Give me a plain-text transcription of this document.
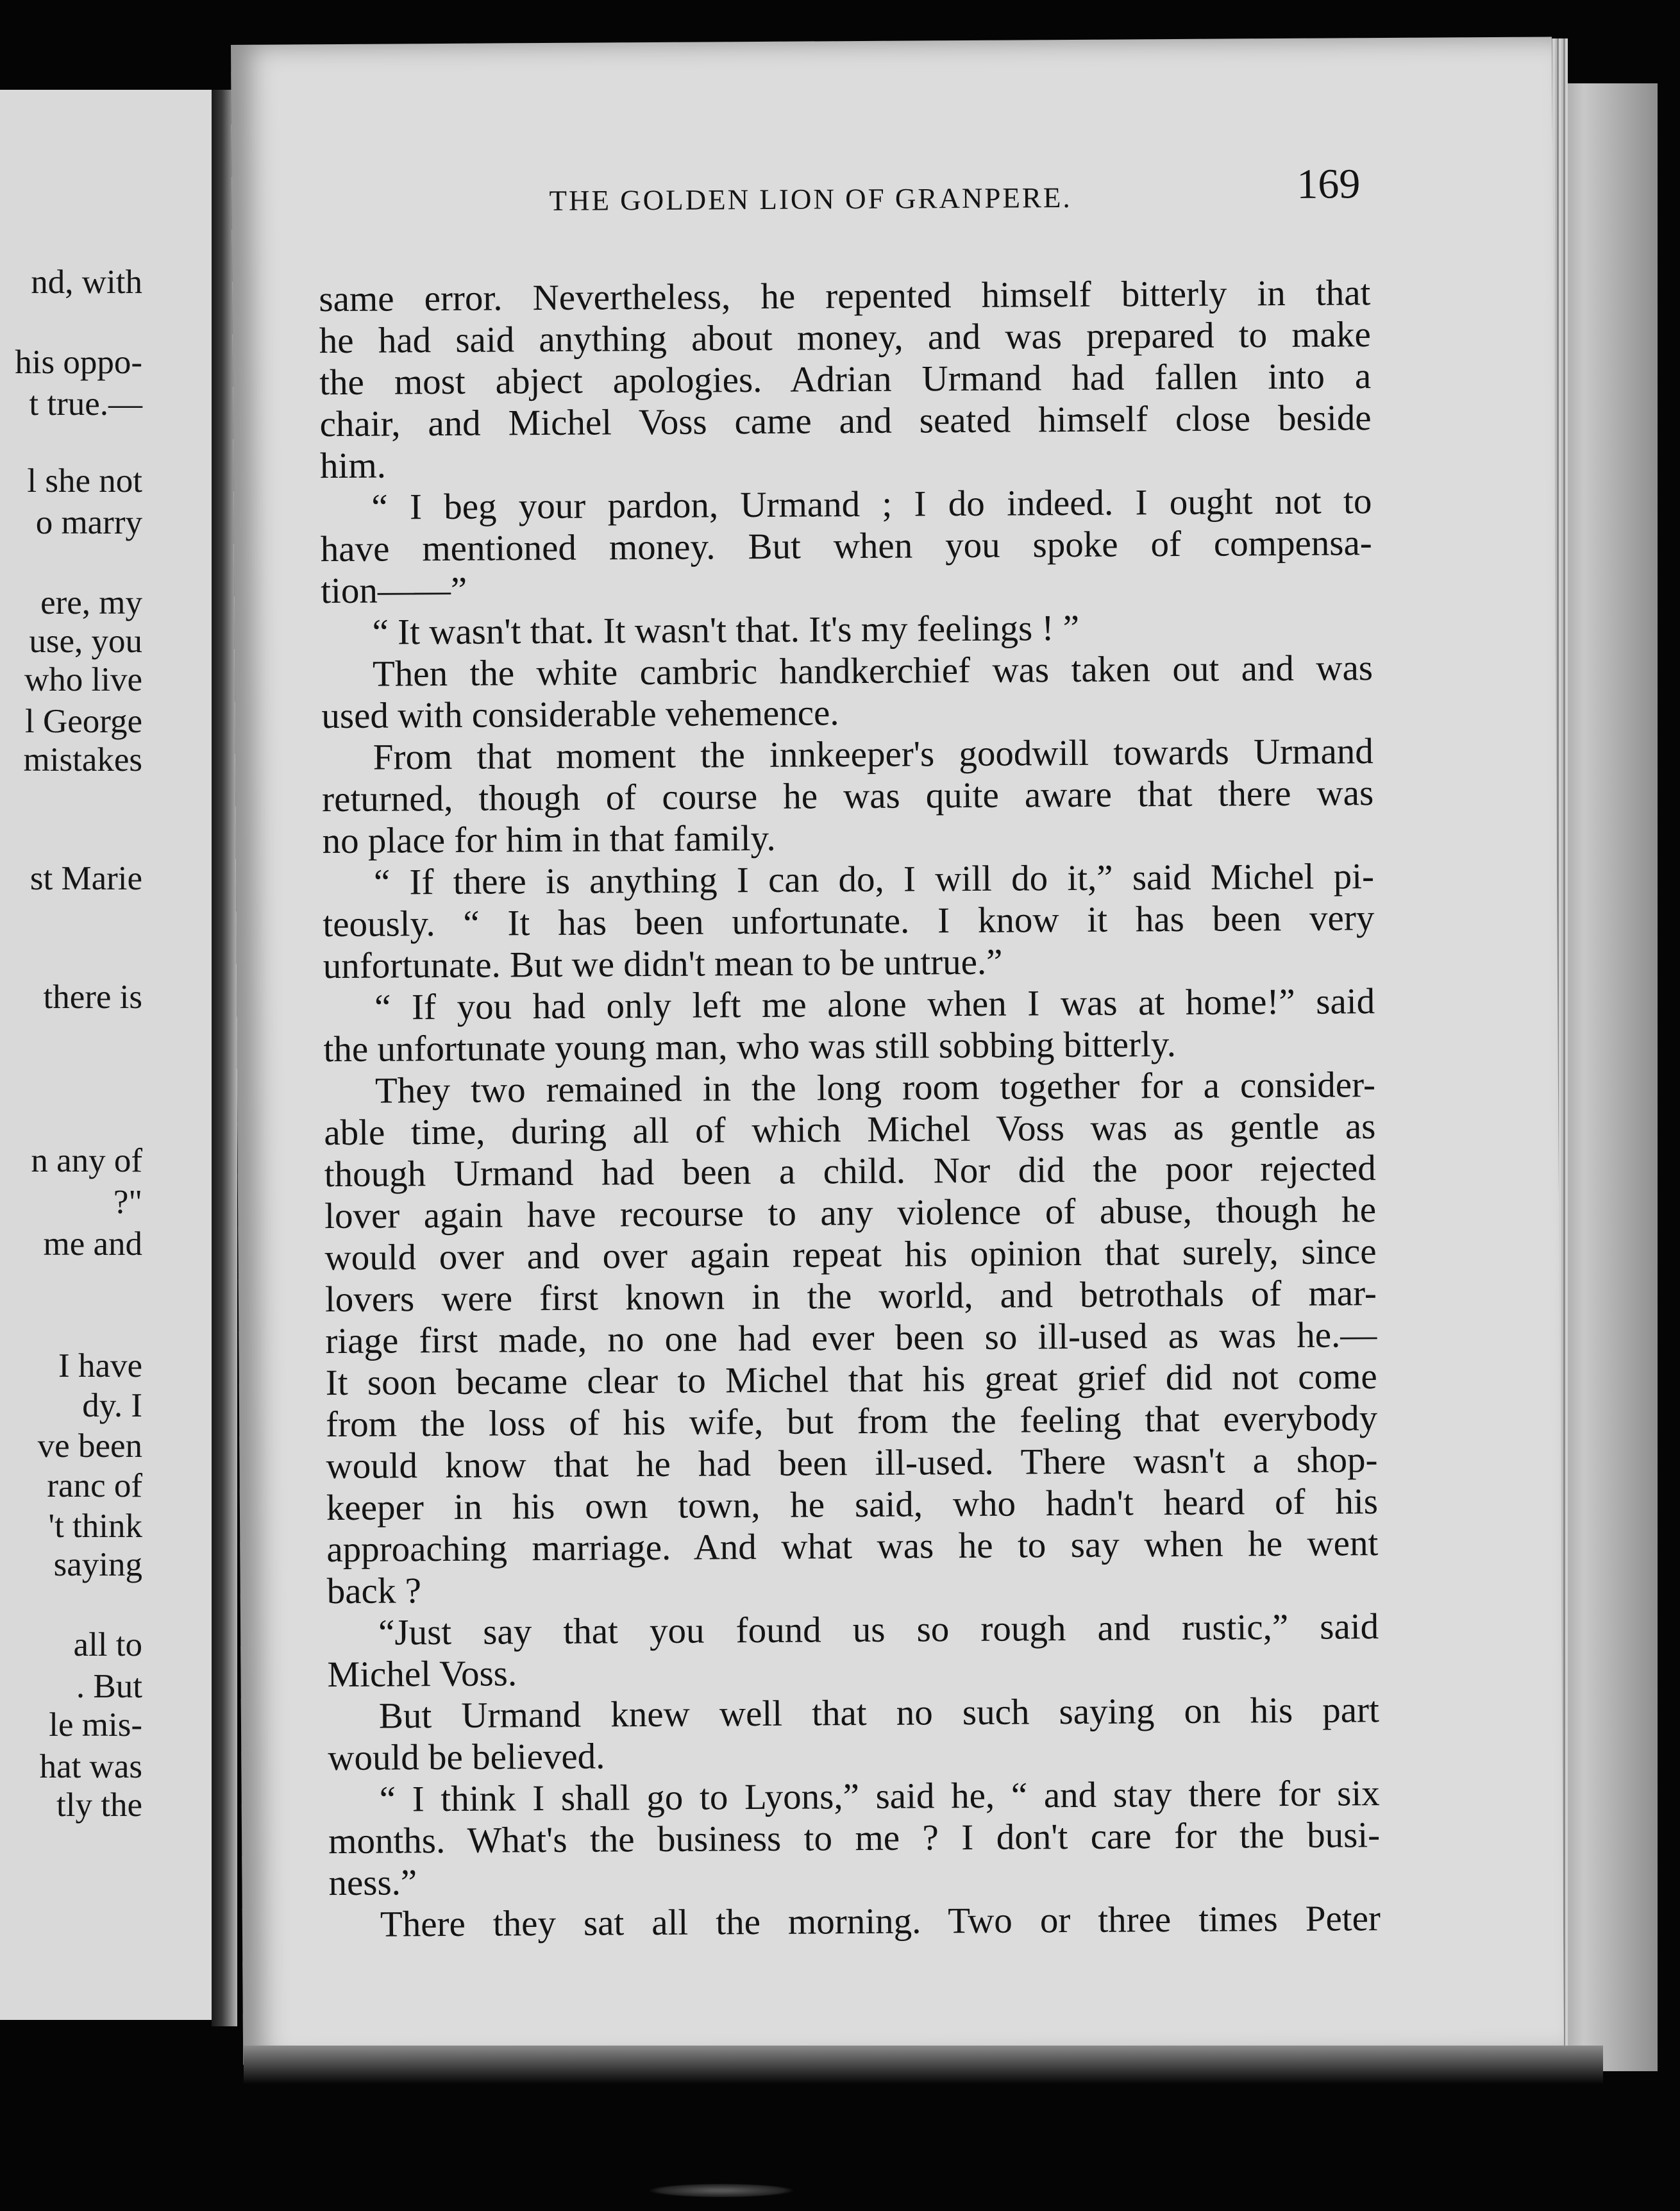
nd, with
his oppo-
t true.—
l she not
o marry
ere, my
use, you
who live
l George
mistakes
st Marie
there is
n any of
?"
me and
I have
dy. I
ve been
ranc of
't think
saying
all to
. But
le mis-
hat was
tly the
THE GOLDEN LION OF GRANPERE.	169
same error. Nevertheless, he repented himself bitterly in that
he had said anything about money, and was prepared to make
the most abject apologies. Adrian Urmand had fallen into a
chair, and Michel Voss came and seated himself close beside
him.
“ I beg your pardon, Urmand ; I do indeed. I ought not to
have mentioned money. But when you spoke of compensa-
tion——”
“ It wasn't that. It wasn't that. It's my feelings ! ”
Then the white cambric handkerchief was taken out and was
used with considerable vehemence.
From that moment the innkeeper's goodwill towards Urmand
returned, though of course he was quite aware that there was
no place for him in that family.
“ If there is anything I can do, I will do it,” said Michel pi-
teously. “ It has been unfortunate. I know it has been very
unfortunate. But we didn't mean to be untrue.”
“ If you had only left me alone when I was at home!” said
the unfortunate young man, who was still sobbing bitterly.
They two remained in the long room together for a consider-
able time, during all of which Michel Voss was as gentle as
though Urmand had been a child. Nor did the poor rejected
lover again have recourse to any violence of abuse, though he
would over and over again repeat his opinion that surely, since
lovers were first known in the world, and betrothals of mar-
riage first made, no one had ever been so ill-used as was he.—
It soon became clear to Michel that his great grief did not come
from the loss of his wife, but from the feeling that everybody
would know that he had been ill-used. There wasn't a shop-
keeper in his own town, he said, who hadn't heard of his
approaching marriage. And what was he to say when he went
back ?
“Just say that you found us so rough and rustic,” said
Michel Voss.
But Urmand knew well that no such saying on his part
would be believed.
“ I think I shall go to Lyons,” said he, “ and stay there for six
months. What's the business to me ? I don't care for the busi-
ness.”
There they sat all the morning. Two or three times Peter
